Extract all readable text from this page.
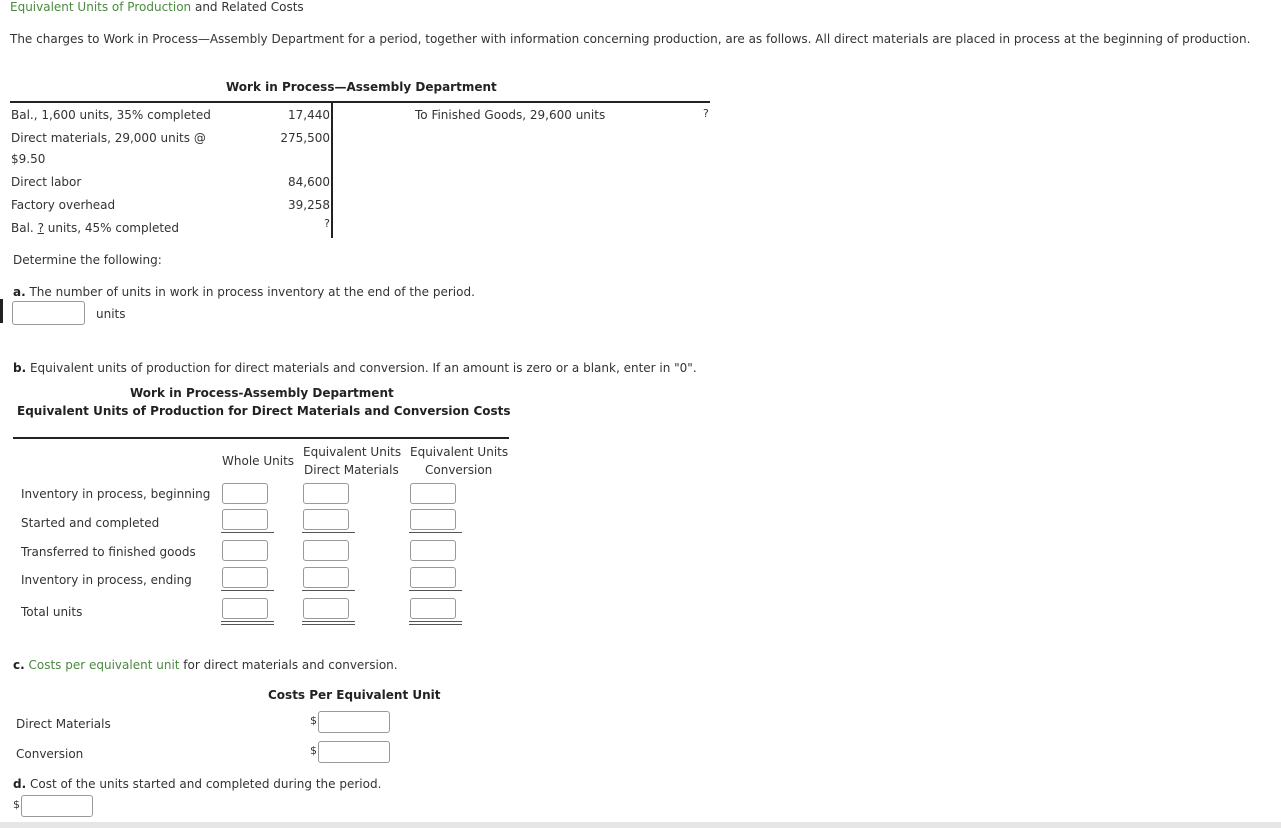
Equivalent Units of Production and Related Costs
The charges to Work in Process—Assembly Department for a period, together with information concerning production, are as follows. All direct materials are placed in process at the beginning of production.
Work in Process—Assembly Department
Bal., 1,600 units, 35% completed	17,440
Direct materials, 29,000 units @	275,500
$9.50
Direct labor	84,600
Factory overhead	39,258
Bal. ? units, 45% completed	?
To Finished Goods, 29,600 units	?
Determine the following:
a. The number of units in work in process inventory at the end of the period.
units
b. Equivalent units of production for direct materials and conversion. If an amount is zero or a blank, enter in "0".
Work in Process-Assembly Department
Equivalent Units of Production for Direct Materials and Conversion Costs
Whole Units
Equivalent Units
Direct Materials
Equivalent Units
Conversion
Inventory in process, beginning
Started and completed
Transferred to finished goods
Inventory in process, ending
Total units
c. Costs per equivalent unit for direct materials and conversion.
Costs Per Equivalent Unit
Direct Materials	$
Conversion	$
d. Cost of the units started and completed during the period.
$
